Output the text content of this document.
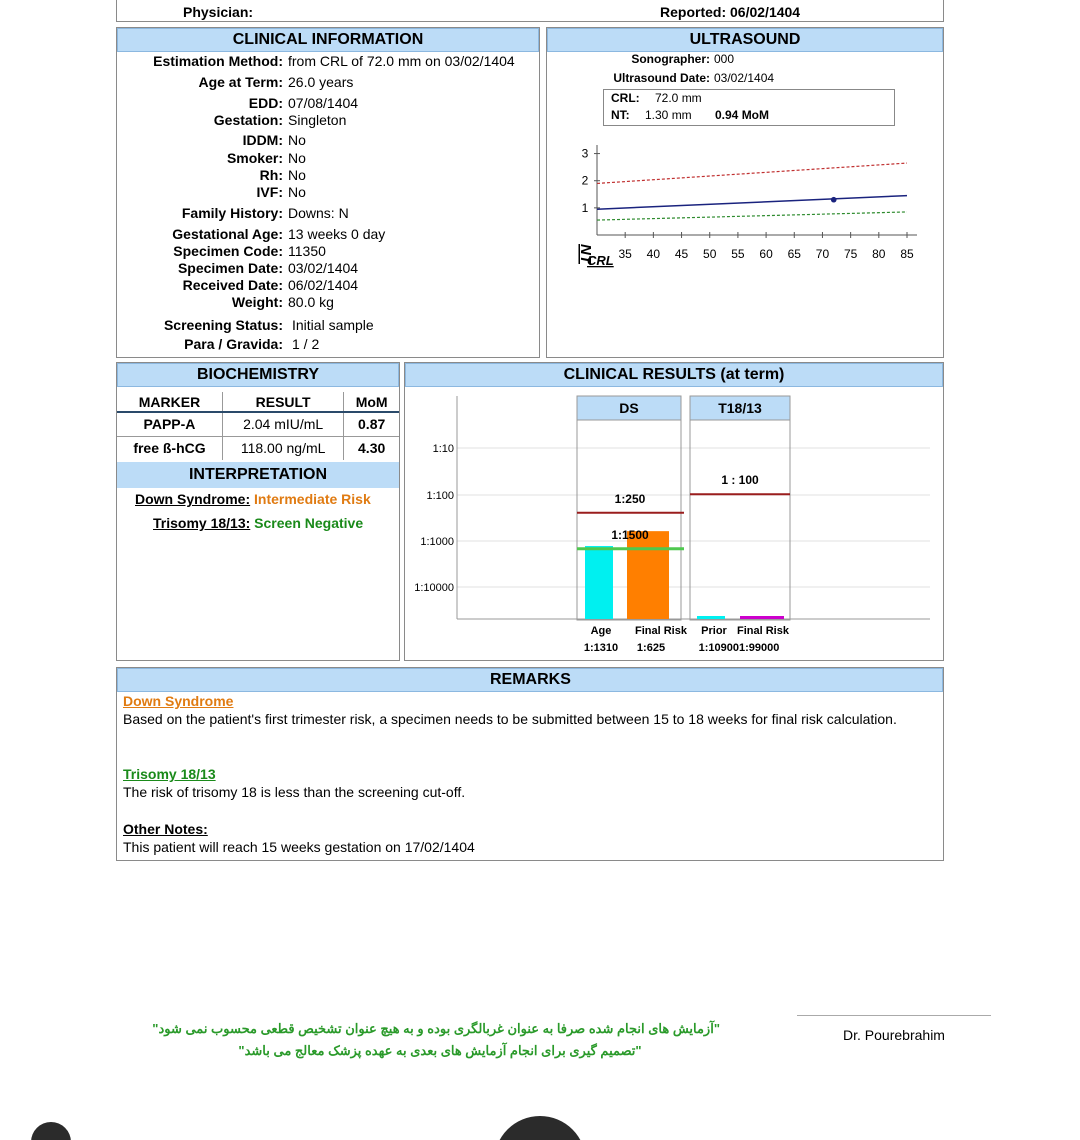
Physician:	Reported: 06/02/1404
CLINICAL INFORMATION
Estimation Method: from CRL of 72.0 mm on 03/02/1404
Age at Term: 26.0 years
EDD: 07/08/1404
Gestation: Singleton
IDDM: No
Smoker: No
Rh: No
IVF: No
Family History: Downs: N
Gestational Age: 13 weeks 0 day
Specimen Code: 11350
Specimen Date: 03/02/1404
Received Date: 06/02/1404
Weight: 80.0 kg
Screening Status: Initial sample
Para / Gravida: 1 / 2
ULTRASOUND
Sonographer: 000
Ultrasound Date: 03/02/1404
CRL: 72.0 mm
NT: 1.30 mm 0.94 MoM
1
2
3
35 40 45 50 55 60 65 70 75 80 85
NT
CRL
BIOCHEMISTRY
MARKER	RESULT	MoM
PAPP-A	2.04 mIU/mL	0.87
free ß-hCG	118.00 ng/mL	4.30
INTERPRETATION
Down Syndrome: Intermediate Risk
Trisomy 18/13: Screen Negative
CLINICAL RESULTS (at term)
1:10
1:100
1:1000
1:10000
DS	T18/13
1:250
1:1500
1 : 100
Age Final Risk Prior Final Risk
1:1310 1:625	1:109001:99000
REMARKS
Down Syndrome
Based on the patient's first trimester risk, a specimen needs to be submitted between 15 to 18 weeks for final risk calculation.
Trisomy 18/13
The risk of trisomy 18 is less than the screening cut-off.
Other Notes:
This patient will reach 15 weeks gestation on 17/02/1404
"آزمایش های انجام شده صرفا به عنوان غربالگری بوده و به هیچ عنوان تشخیص قطعی محسوب نمی شود"
"تصمیم گیری برای انجام آزمایش های بعدی به عهده پزشک معالج می باشد"
Dr. Pourebrahim
